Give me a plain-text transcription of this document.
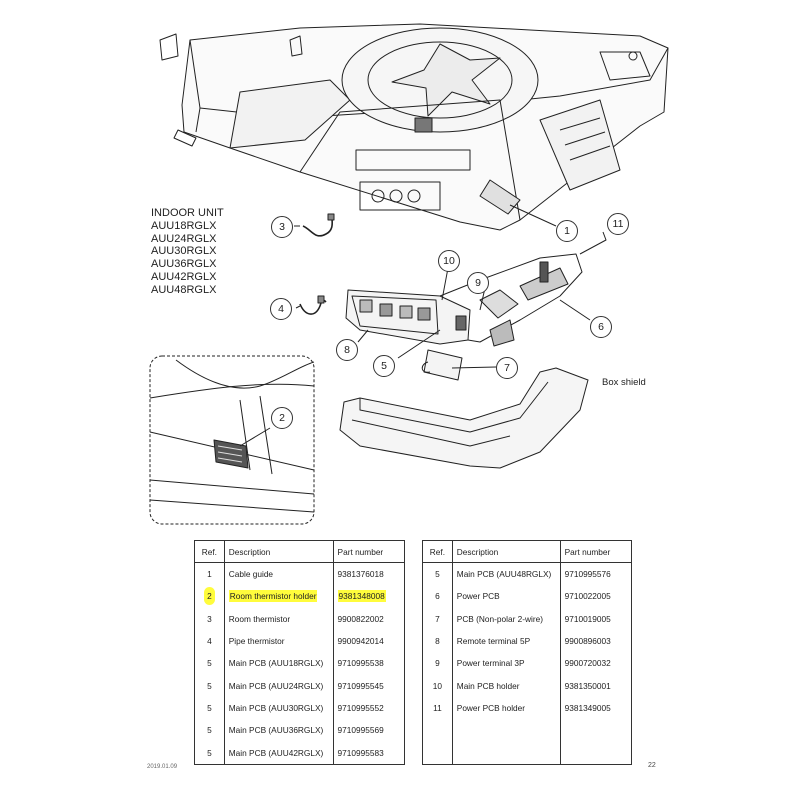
INDOOR UNIT
AUU18RGLX
AUU24RGLX
AUU30RGLX
AUU36RGLX
AUU42RGLX
AUU48RGLX
Box shield
1
2
3
4
5
6
7
8
9
10
11
Ref.	Description	Part number
1	Cable guide	9381376018
2	Room thermistor holder	9381348008
3	Room thermistor	9900822002
4	Pipe thermistor	9900942014
5	Main PCB (AUU18RGLX)	9710995538
5	Main PCB (AUU24RGLX)	9710995545
5	Main PCB (AUU30RGLX)	9710995552
5	Main PCB (AUU36RGLX)	9710995569
5	Main PCB (AUU42RGLX)	9710995583
Ref.	Description	Part number
5	Main PCB (AUU48RGLX)	9710995576
6	Power PCB	9710022005
7	PCB (Non-polar 2-wire)	9710019005
8	Remote terminal 5P	9900896003
9	Power terminal 3P	9900720032
10	Main PCB holder	9381350001
11	Power PCB holder	9381349005

2019.01.09	22
